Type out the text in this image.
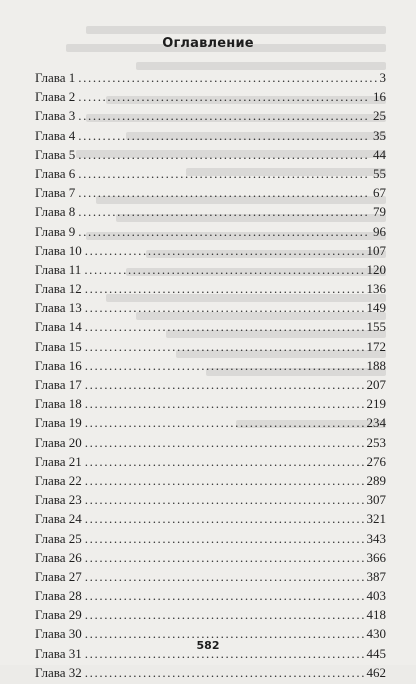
Оглавление
Глава 1 .....	3
Глава 2 .....	16
Глава 3 .....	25
Глава 4 .....	35
Глава 5 .....	44
Глава 6 .....	55
Глава 7 .....	67
Глава 8 .....	79
Глава 9 .....	96
Глава 10 .....	107
Глава 11 .....	120
Глава 12 .....	136
Глава 13 .....	149
Глава 14 .....	155
Глава 15 .....	172
Глава 16 .....	188
Глава 17 .....	207
Глава 18 .....	219
Глава 19 .....	234
Глава 20 .....	253
Глава 21 .....	276
Глава 22 .....	289
Глава 23 .....	307
Глава 24 .....	321
Глава 25 .....	343
Глава 26 .....	366
Глава 27 .....	387
Глава 28 .....	403
Глава 29 .....	418
Глава 30 .....	430
Глава 31 .....	445
Глава 32 .....	462
582
